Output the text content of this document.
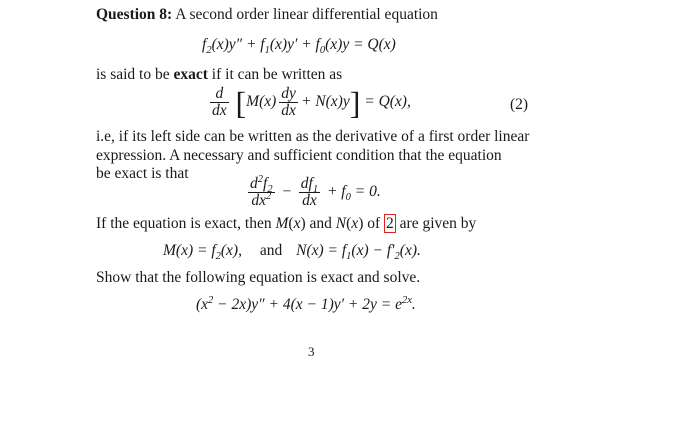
Question 8: A second order linear differential equation
$f_2(x)y'' + f_1(x)y' + f_0(x)y = Q(x)$
is said to be exact if it can be written as
$\frac{d}{dx} [M(x) \frac{dy}{dx} + N(x)y] = Q(x)$,	(2)
i.e, if its left side can be written as the derivative of a first order linear
expression. A necessary and sufficient condition that the equation
be exact is that
$\frac{d^2f_2}{dx^2} - \frac{df_1}{dx} + f_0 = 0$.
If the equation is exact, then M(x) and N(x) of 2 are given by
$M(x) = f_2(x)$, and $N(x) = f_1(x) - f'_2(x)$.
Show that the following equation is exact and solve.
$(x^2 - 2x)y'' + 4(x - 1)y' + 2y = e^{2x}$.
3
